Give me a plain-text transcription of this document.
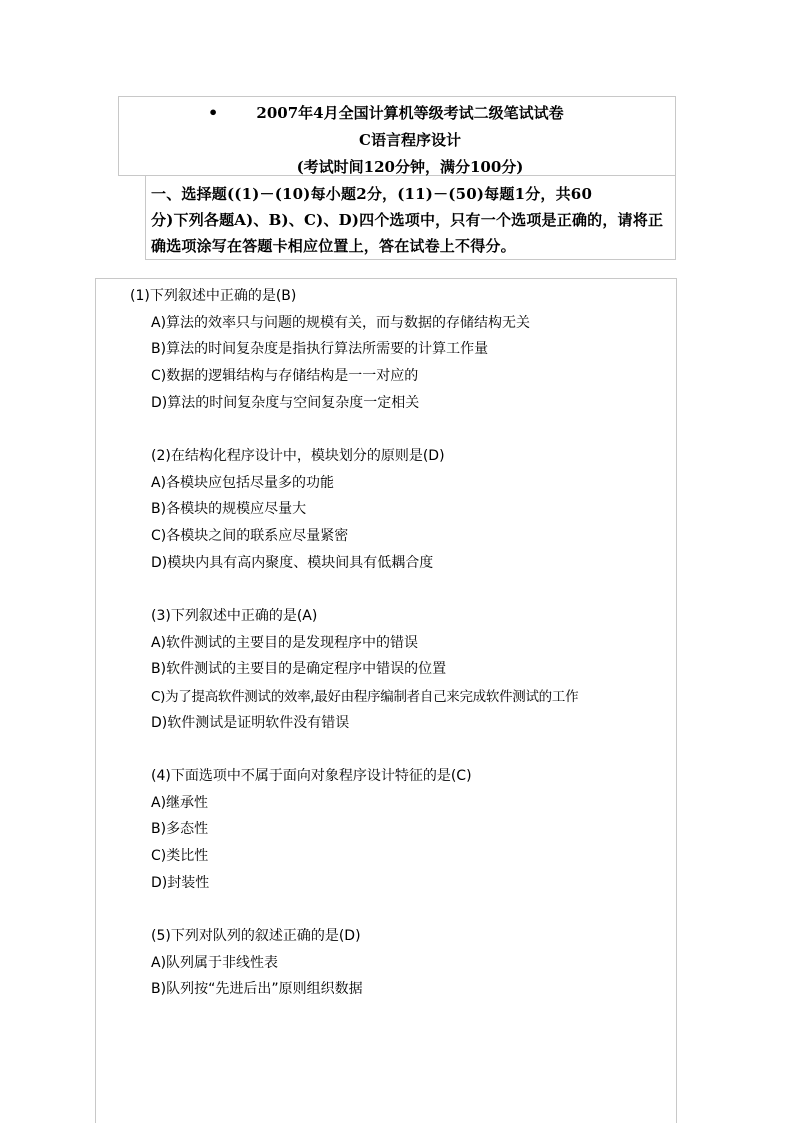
•	2007年4月全国计算机等级考试二级笔试试卷
C语言程序设计
(考试时间120分钟，满分100分)
一、选择题((1)－(10)每小题2分，(11)－(50)每题1分，共60
分)下列各题A)、B)、C)、D)四个选项中，只有一个选项是正确的，请将正
确选项涂写在答题卡相应位置上，答在试卷上不得分。
(1)下列叙述中正确的是(B)
A)算法的效率只与问题的规模有关，而与数据的存储结构无关
B)算法的时间复杂度是指执行算法所需要的计算工作量
C)数据的逻辑结构与存储结构是一一对应的
D)算法的时间复杂度与空间复杂度一定相关
(2)在结构化程序设计中，模块划分的原则是(D)
A)各模块应包括尽量多的功能
B)各模块的规模应尽量大
C)各模块之间的联系应尽量紧密
D)模块内具有高内聚度、模块间具有低耦合度
(3)下列叙述中正确的是(A)
A)软件测试的主要目的是发现程序中的错误
B)软件测试的主要目的是确定程序中错误的位置
C)为了提高软件测试的效率,最好由程序编制者自己来完成软件测试的工作
D)软件测试是证明软件没有错误
(4)下面选项中不属于面向对象程序设计特征的是(C)
A)继承性
B)多态性
C)类比性
D)封装性
(5)下列对队列的叙述正确的是(D)
A)队列属于非线性表
B)队列按“先进后出”原则组织数据
